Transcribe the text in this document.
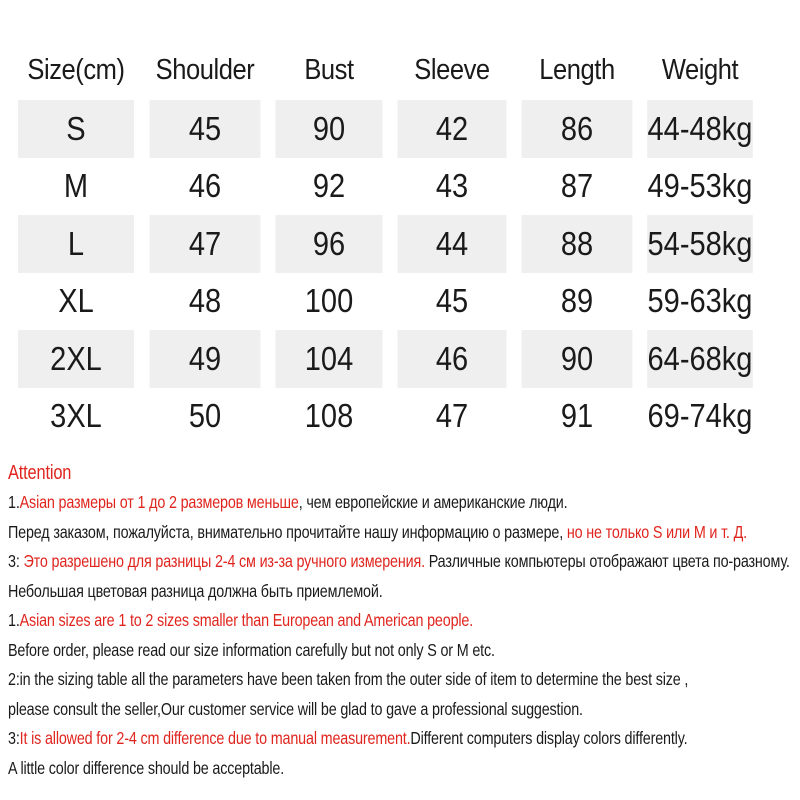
Size(cm)	Shoulder	Bust	Sleeve	Length	Weight
S	45	90	42	86	44-48kg
M	46	92	43	87	49-53kg
L	47	96	44	88	54-58kg
XL	48	100	45	89	59-63kg
2XL	49	104	46	90	64-68kg
3XL	50	108	47	91	69-74kg
Attention
1.Asian размеры от 1 до 2 размеров меньше, чем европейские и американские люди.
Перед заказом, пожалуйста, внимательно прочитайте нашу информацию о размере, но не только S или M и т. Д.
3: Это разрешено для разницы 2-4 см из-за ручного измерения. Различные компьютеры отображают цвета по-разному.
Небольшая цветовая разница должна быть приемлемой.
1.Asian sizes are 1 to 2 sizes smaller than European and American people.
Before order, please read our size information carefully but not only S or M etc.
2:in the sizing table all the parameters have been taken from the outer side of item to determine the best size ,
please consult the seller,Our customer service will be glad to gave a professional suggestion.
3:It is allowed for 2-4 cm difference due to manual measurement.Different computers display colors differently.
A little color difference should be acceptable.
